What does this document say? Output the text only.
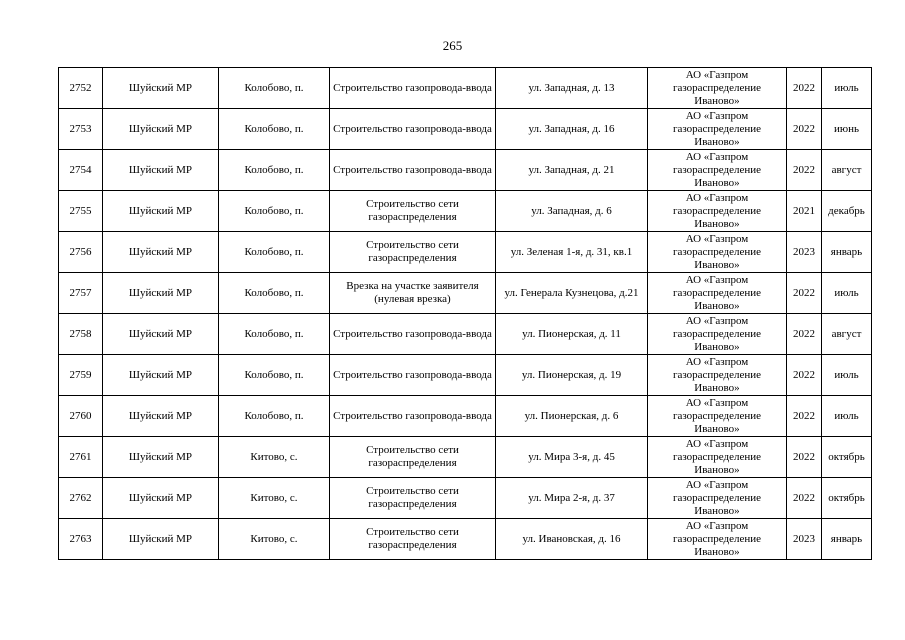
265
2752	Шуйский МР	Колобово, п.	Строительство газопровода-ввода	ул. Западная, д. 13	АО «Газпром газораспределение Иваново»	2022	июль
2753	Шуйский МР	Колобово, п.	Строительство газопровода-ввода	ул. Западная, д. 16	АО «Газпром газораспределение Иваново»	2022	июнь
2754	Шуйский МР	Колобово, п.	Строительство газопровода-ввода	ул. Западная, д. 21	АО «Газпром газораспределение Иваново»	2022	август
2755	Шуйский МР	Колобово, п.	Строительство сети газораспределения	ул. Западная, д. 6	АО «Газпром газораспределение Иваново»	2021	декабрь
2756	Шуйский МР	Колобово, п.	Строительство сети газораспределения	ул. Зеленая 1-я, д. 31, кв.1	АО «Газпром газораспределение Иваново»	2023	январь
2757	Шуйский МР	Колобово, п.	Врезка на участке заявителя (нулевая врезка)	ул. Генерала Кузнецова, д.21	АО «Газпром газораспределение Иваново»	2022	июль
2758	Шуйский МР	Колобово, п.	Строительство газопровода-ввода	ул. Пионерская, д. 11	АО «Газпром газораспределение Иваново»	2022	август
2759	Шуйский МР	Колобово, п.	Строительство газопровода-ввода	ул. Пионерская, д. 19	АО «Газпром газораспределение Иваново»	2022	июль
2760	Шуйский МР	Колобово, п.	Строительство газопровода-ввода	ул. Пионерская, д. 6	АО «Газпром газораспределение Иваново»	2022	июль
2761	Шуйский МР	Китово, с.	Строительство сети газораспределения	ул. Мира 3-я, д. 45	АО «Газпром газораспределение Иваново»	2022	октябрь
2762	Шуйский МР	Китово, с.	Строительство сети газораспределения	ул. Мира 2-я, д. 37	АО «Газпром газораспределение Иваново»	2022	октябрь
2763	Шуйский МР	Китово, с.	Строительство сети газораспределения	ул. Ивановская, д. 16	АО «Газпром газораспределение Иваново»	2023	январь
